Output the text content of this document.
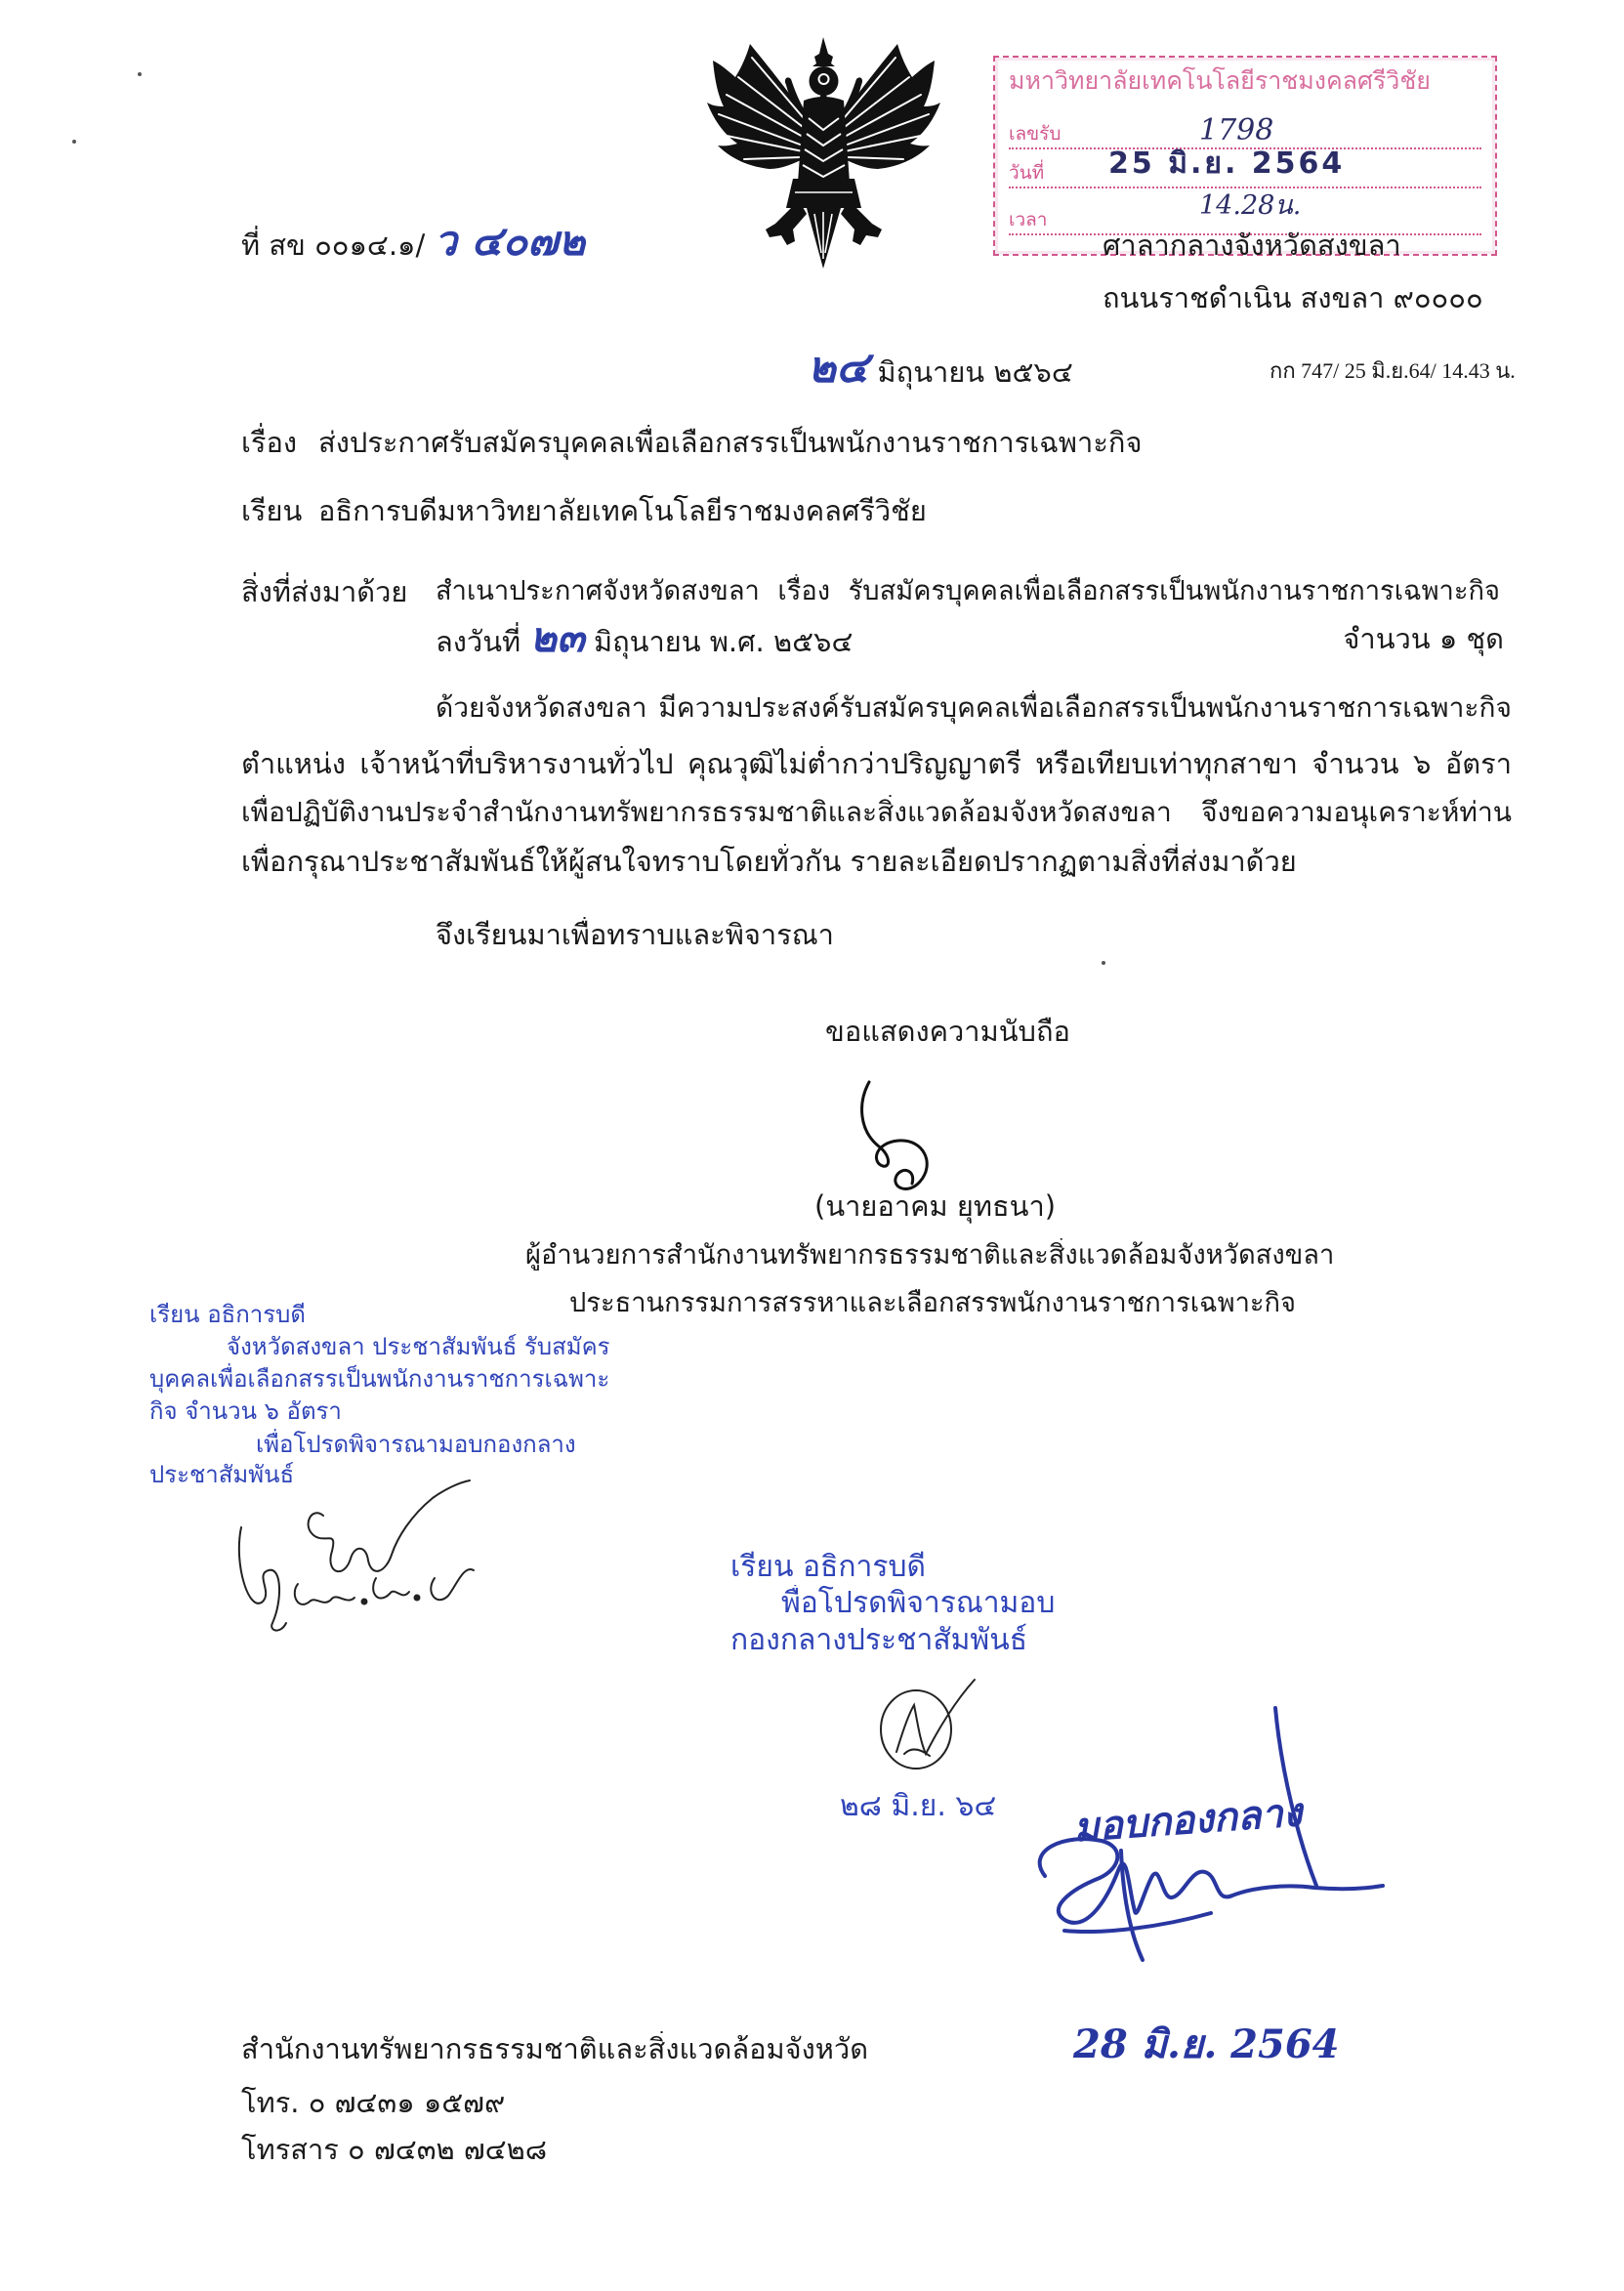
มหาวิทยาลัยเทคโนโลยีราชมงคลศรีวิชัย
เลขรับ	1798
วันที่ 25 มิ.ย. 2564
เวลา	14.28น.
ที่ สข ๐๐๑๔.๑/ ว ๔๐๗๒	ศาลากลางจังหวัดสงขลา
ถนนราชดำเนิน สงขลา ๙๐๐๐๐
๒๔ มิถุนายน ๒๕๖๔	กก 747/ 25 มิ.ย.64/ 14.43 น.
เรื่อง ส่งประกาศรับสมัครบุคคลเพื่อเลือกสรรเป็นพนักงานราชการเฉพาะกิจ
เรียน อธิการบดีมหาวิทยาลัยเทคโนโลยีราชมงคลศรีวิชัย
สิ่งที่ส่งมาด้วย สำเนาประกาศจังหวัดสงขลา เรื่อง รับสมัครบุคคลเพื่อเลือกสรรเป็นพนักงานราชการเฉพาะกิจ
ลงวันที่ ๒๓ มิถุนายน พ.ศ. ๒๕๖๔	จำนวน ๑ ชุด
ด้วยจังหวัดสงขลา มีความประสงค์รับสมัครบุคคลเพื่อเลือกสรรเป็นพนักงานราชการเฉพาะกิจ
ตำแหน่ง เจ้าหน้าที่บริหารงานทั่วไป คุณวุฒิไม่ต่ำกว่าปริญญาตรี หรือเทียบเท่าทุกสาขา จำนวน ๖ อัตรา
เพื่อปฏิบัติงานประจำสำนักงานทรัพยากรธรรมชาติและสิ่งแวดล้อมจังหวัดสงขลา จึงขอความอนุเคราะห์ท่าน
เพื่อกรุณาประชาสัมพันธ์ให้ผู้สนใจทราบโดยทั่วกัน รายละเอียดปรากฏตามสิ่งที่ส่งมาด้วย
จึงเรียนมาเพื่อทราบและพิจารณา
ขอแสดงความนับถือ
(นายอาคม ยุทธนา)
ผู้อำนวยการสำนักงานทรัพยากรธรรมชาติและสิ่งแวดล้อมจังหวัดสงขลา
ประธานกรรมการสรรหาและเลือกสรรพนักงานราชการเฉพาะกิจ
เรียน อธิการบดี
จังหวัดสงขลา ประชาสัมพันธ์ รับสมัคร
บุคคลเพื่อเลือกสรรเป็นพนักงานราชการเฉพาะ
กิจ จำนวน ๖ อัตรา
เพื่อโปรดพิจารณามอบกองกลาง
ประชาสัมพันธ์
เรียน อธิการบดี
พื่อโปรดพิจารณามอบ
กองกลางประชาสัมพันธ์
๒๘ มิ.ย. ๖๔	มอบกองกลาง
28 มิ.ย. 2564
สำนักงานทรัพยากรธรรมชาติและสิ่งแวดล้อมจังหวัด
โทร. ๐ ๗๔๓๑ ๑๕๗๙
โทรสาร ๐ ๗๔๓๒ ๗๔๒๘
